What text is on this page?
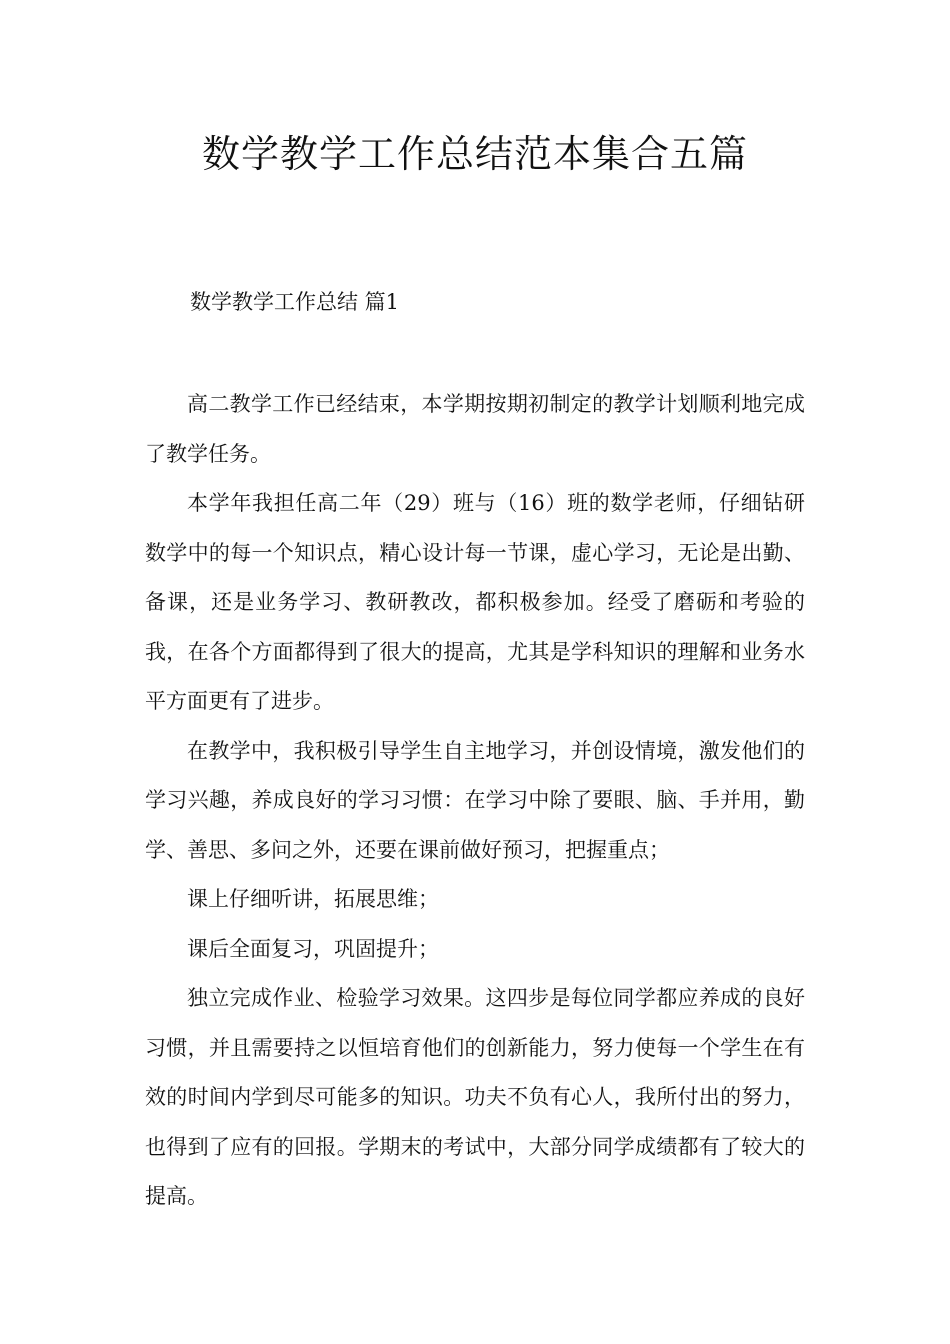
数学教学工作总结范本集合五篇
数学教学工作总结 篇1

高二教学工作已经结束，本学期按期初制定的教学计划顺利地完成了教学任务。

本学年我担任高二年（29）班与（16）班的数学老师，仔细钻研数学中的每一个知识点，精心设计每一节课，虚心学习，无论是出勤、备课，还是业务学习、教研教改，都积极参加。经受了磨砺和考验的我，在各个方面都得到了很大的提高，尤其是学科知识的理解和业务水平方面更有了进步。

在教学中，我积极引导学生自主地学习，并创设情境，激发他们的学习兴趣，养成良好的学习习惯：在学习中除了要眼、脑、手并用，勤学、善思、多问之外，还要在课前做好预习，把握重点；

课上仔细听讲，拓展思维；

课后全面复习，巩固提升；

独立完成作业、检验学习效果。这四步是每位同学都应养成的良好习惯，并且需要持之以恒培育他们的创新能力，努力使每一个学生在有效的时间内学到尽可能多的知识。功夫不负有心人，我所付出的努力，也得到了应有的回报。学期末的考试中，大部分同学成绩都有了较大的提高。
